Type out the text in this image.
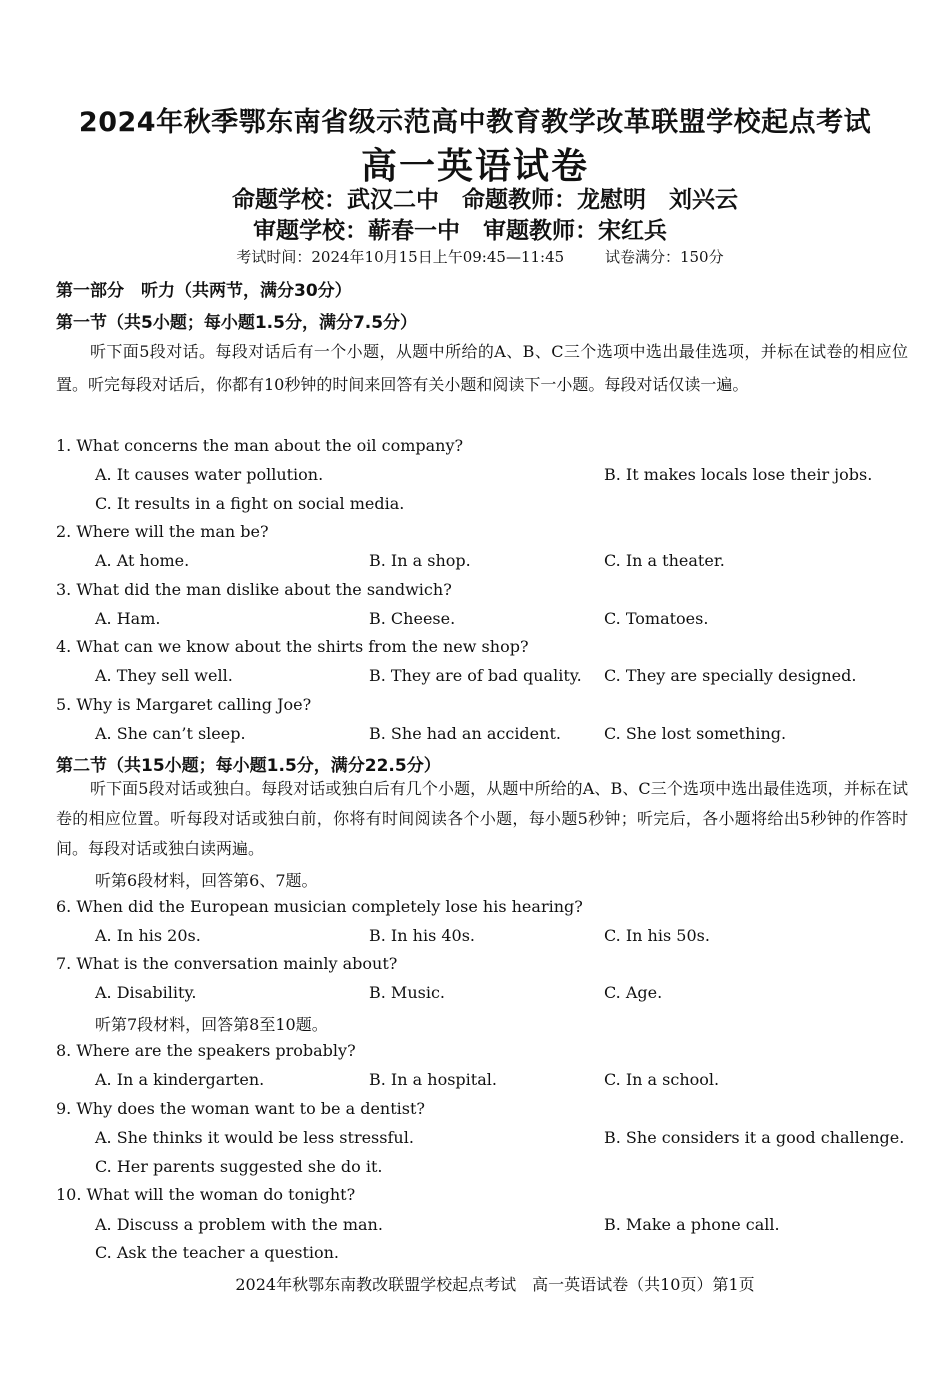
2024年秋季鄂东南省级示范高中教育教学改革联盟学校起点考试
高一英语试卷
命题学校：武汉二中　命题教师：龙慰明　刘兴云
审题学校：蕲春一中　审题教师：宋红兵
考试时间：2024年10月15日上午09:45—11:45	试卷满分：150分
第一部分　听力（共两节，满分30分）
第一节（共5小题；每小题1.5分，满分7.5分）
听下面5段对话。每段对话后有一个小题，从题中所给的A、B、C三个选项中选出最佳选项，并标在试卷的相应位置。听完每段对话后，你都有10秒钟的时间来回答有关小题和阅读下一小题。每段对话仅读一遍。
1. What concerns the man about the oil company?
A. It causes water pollution.	B. It makes locals lose their jobs.
C. It results in a fight on social media.
2. Where will the man be?
A. At home.	B. In a shop.	C. In a theater.
3. What did the man dislike about the sandwich?
A. Ham.	B. Cheese.	C. Tomatoes.
4. What can we know about the shirts from the new shop?
A. They sell well.	B. They are of bad quality. C. They are specially designed.
5. Why is Margaret calling Joe?
A. She can’t sleep.	B. She had an accident.	C. She lost something.
第二节（共15小题；每小题1.5分，满分22.5分）
听下面5段对话或独白。每段对话或独白后有几个小题，从题中所给的A、B、C三个选项中选出最佳选项，并标在试卷的相应位置。听每段对话或独白前，你将有时间阅读各个小题，每小题5秒钟；听完后，各小题将给出5秒钟的作答时间。每段对话或独白读两遍。
听第6段材料，回答第6、7题。
6. When did the European musician completely lose his hearing?
A. In his 20s.	B. In his 40s.	C. In his 50s.
7. What is the conversation mainly about?
A. Disability.	B. Music.	C. Age.
听第7段材料，回答第8至10题。
8. Where are the speakers probably?
A. In a kindergarten.	B. In a hospital.	C. In a school.
9. Why does the woman want to be a dentist?
A. She thinks it would be less stressful.	B. She considers it a good challenge.
C. Her parents suggested she do it.
10. What will the woman do tonight?
A. Discuss a problem with the man.	B. Make a phone call.
C. Ask the teacher a question.
2024年秋鄂东南教改联盟学校起点考试　高一英语试卷（共10页）第1页
